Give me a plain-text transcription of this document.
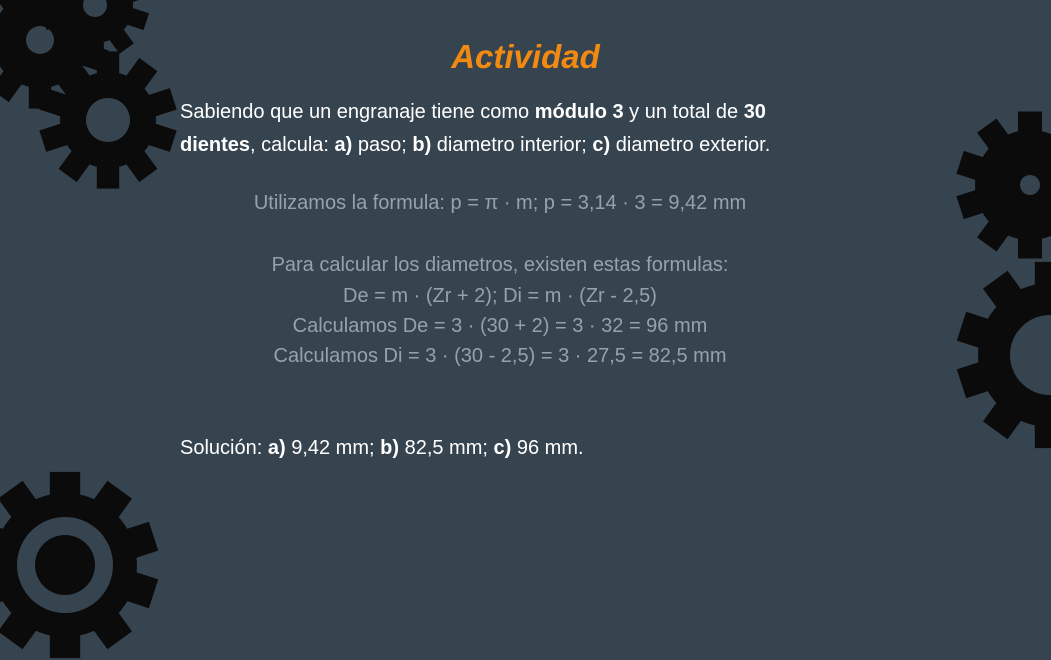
Actividad
Sabiendo que un engranaje tiene como módulo 3 y un total de 30
dientes, calcula: a) paso; b) diametro interior; c) diametro exterior.
Utilizamos la formula: p = π · m; p = 3,14 · 3 = 9,42 mm
Para calcular los diametros, existen estas formulas:
De = m · (Zr + 2); Di = m · (Zr - 2,5)
Calculamos De = 3 · (30 + 2) = 3 · 32 = 96 mm
Calculamos Di = 3 · (30 - 2,5) = 3 · 27,5 = 82,5 mm
Solución: a) 9,42 mm; b) 82,5 mm; c) 96 mm.
